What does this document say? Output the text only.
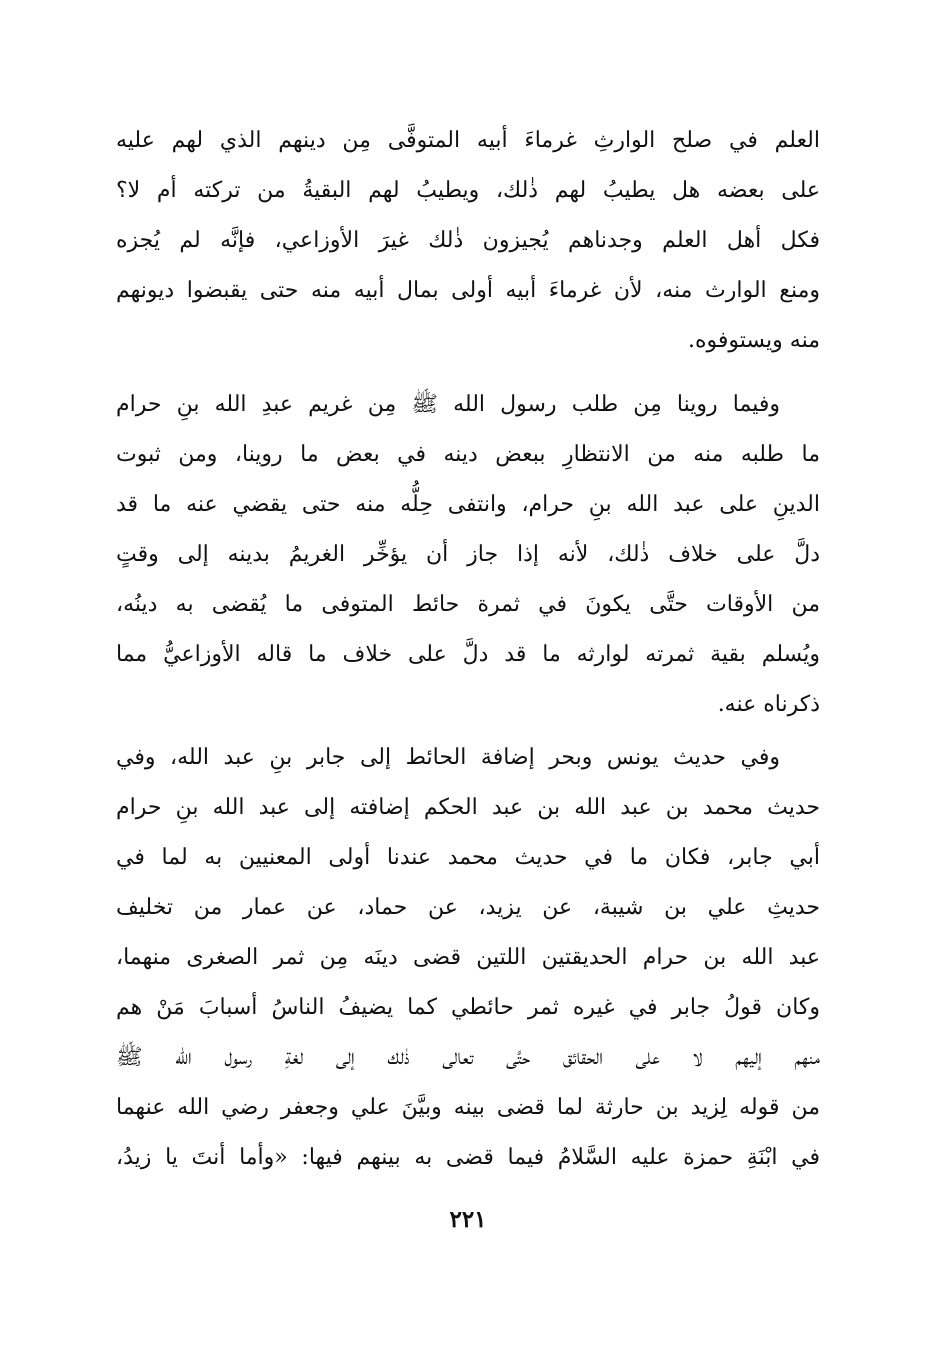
العلم في صلح الوارثِ غرماءَ أبيه المتوفَّى مِن دينهم الذي لهم عليه
على بعضه هل يطيبُ لهم ذٰلك، ويطيبُ لهم البقيةُ من تركته أم لا؟
فكل أهل العلم وجدناهم يُجيزون ذٰلك غيرَ الأوزاعي، فإنَّه لم يُجزه
ومنع الوارث منه، لأن غرماءَ أبيه أولى بمال أبيه منه حتى يقبضوا ديونهم
منه ويستوفوه.
وفيما روينا مِن طلب رسول الله ﷺ مِن غريم عبدِ الله بنِ حرام
ما طلبه منه من الانتظارِ ببعض دينه في بعض ما روينا، ومن ثبوت
الدينِ على عبد الله بنِ حرام، وانتفى حِلُّه منه حتى يقضي عنه ما قد
دلَّ على خلاف ذٰلك، لأنه إذا جاز أن يؤخِّر الغريمُ بدينه إلى وقتٍ
من الأوقات حتَّى يكونَ في ثمرة حائط المتوفى ما يُقضى به دينُه،
ويُسلم بقية ثمرته لوارثه ما قد دلَّ على خلاف ما قاله الأوزاعيُّ مما
ذكرناه عنه.
وفي حديث يونس وبحر إضافة الحائط إلى جابر بنِ عبد الله، وفي
حديث محمد بن عبد الله بن عبد الحكم إضافته إلى عبد الله بنِ حرام
أبي جابر، فكان ما في حديث محمد عندنا أولى المعنيين به لما في
حديثِ علي بن شيبة، عن يزيد، عن حماد، عن عمار من تخليف
عبد الله بن حرام الحديقتين اللتين قضى دينَه مِن ثمر الصغرى منهما،
وكان قولُ جابر في غيره ثمر حائطي كما يضيفُ الناسُ أسبابَ مَنْ هم
منهم إليهم لا على الحقائق حتَّى تعالى ذٰلك إلى لغةِ رسول الله ﷺ
من قوله لِزيد بن حارثة لما قضى بينه وبيَّنَ علي وجعفر رضي الله عنهما
في ابْنَةِ حمزة عليه السَّلامُ فيما قضى به بينهم فيها: «وأما أنتَ يا زيدُ،
٢٢١
